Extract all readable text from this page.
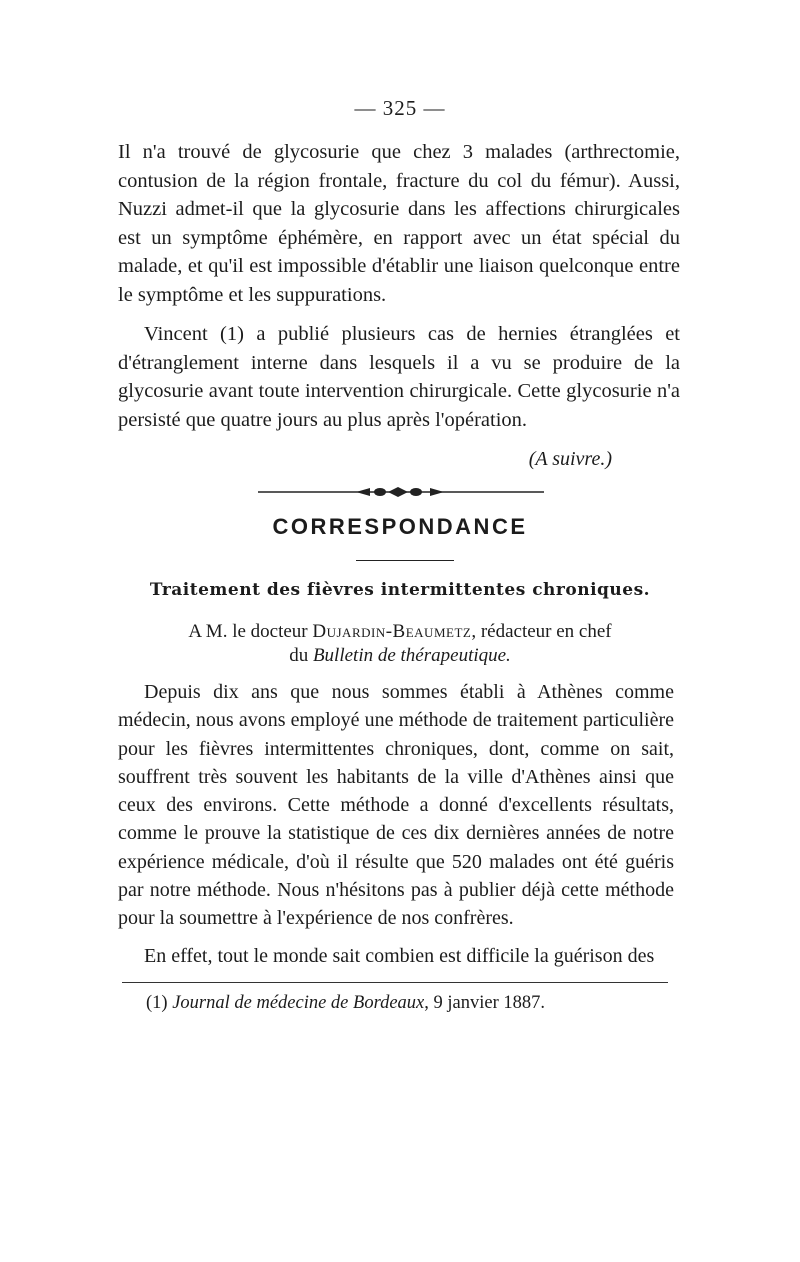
— 325 —
Il n'a trouvé de glycosurie que chez 3 malades (arthrectomie, contusion de la région frontale, fracture du col du fémur). Aussi, Nuzzi admet-il que la glycosurie dans les affections chirurgicales est un symptôme éphémère, en rapport avec un état spécial du malade, et qu'il est impossible d'établir une liaison quelconque entre le symptôme et les suppurations.
Vincent (1) a publié plusieurs cas de hernies étranglées et d'étranglement interne dans lesquels il a vu se produire de la glycosurie avant toute intervention chirurgicale. Cette glycosurie n'a persisté que quatre jours au plus après l'opération.
(A suivre.)
CORRESPONDANCE
Traitement des fièvres intermittentes chroniques.
A M. le docteur Dujardin-Beaumetz, rédacteur en chef
du Bulletin de thérapeutique.
Depuis dix ans que nous sommes établi à Athènes comme médecin, nous avons employé une méthode de traitement particulière pour les fièvres intermittentes chroniques, dont, comme on sait, souffrent très souvent les habitants de la ville d'Athènes ainsi que ceux des environs. Cette méthode a donné d'excellents résultats, comme le prouve la statistique de ces dix dernières années de notre expérience médicale, d'où il résulte que 520 malades ont été guéris par notre méthode. Nous n'hésitons pas à publier déjà cette méthode pour la soumettre à l'expérience de nos confrères.
En effet, tout le monde sait combien est difficile la guérison des
(1) Journal de médecine de Bordeaux, 9 janvier 1887.
